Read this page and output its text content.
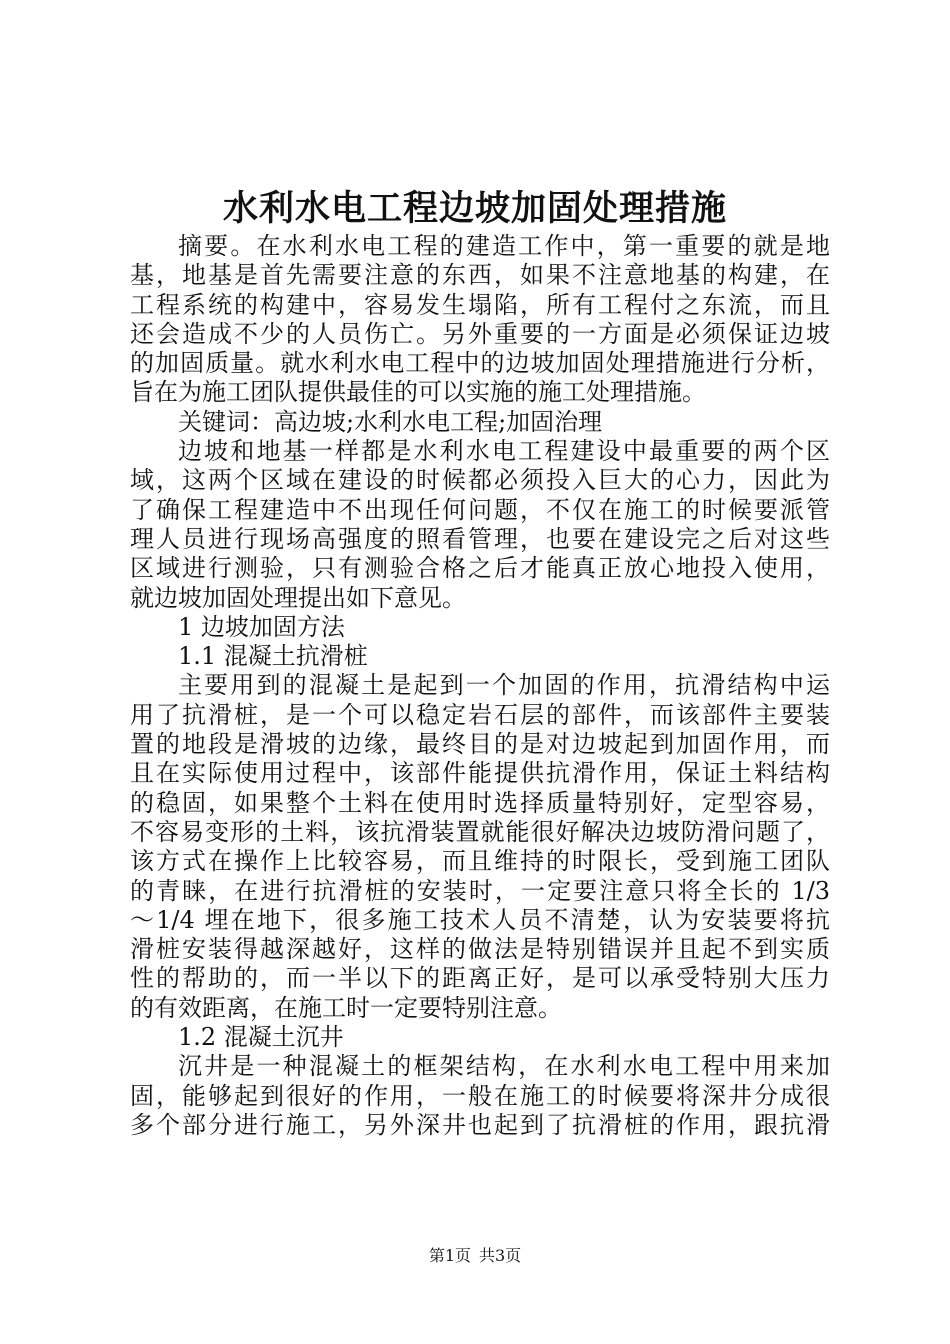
水利水电工程边坡加固处理措施
摘要。在水利水电工程的建造工作中，第一重要的就是地
基，地基是首先需要注意的东西，如果不注意地基的构建，在
工程系统的构建中，容易发生塌陷，所有工程付之东流，而且
还会造成不少的人员伤亡。另外重要的一方面是必须保证边坡
的加固质量。就水利水电工程中的边坡加固处理措施进行分析，
旨在为施工团队提供最佳的可以实施的施工处理措施。
关键词：高边坡;水利水电工程;加固治理
边坡和地基一样都是水利水电工程建设中最重要的两个区
域，这两个区域在建设的时候都必须投入巨大的心力，因此为
了确保工程建造中不出现任何问题，不仅在施工的时候要派管
理人员进行现场高强度的照看管理，也要在建设完之后对这些
区域进行测验，只有测验合格之后才能真正放心地投入使用，
就边坡加固处理提出如下意见。
1 边坡加固方法
1.1 混凝土抗滑桩
主要用到的混凝土是起到一个加固的作用，抗滑结构中运
用了抗滑桩，是一个可以稳定岩石层的部件，而该部件主要装
置的地段是滑坡的边缘，最终目的是对边坡起到加固作用，而
且在实际使用过程中，该部件能提供抗滑作用，保证土料结构
的稳固，如果整个土料在使用时选择质量特别好，定型容易，
不容易变形的土料，该抗滑装置就能很好解决边坡防滑问题了，
该方式在操作上比较容易，而且维持的时限长，受到施工团队
的青睐，在进行抗滑桩的安装时，一定要注意只将全长的 1/3
～1/4 埋在地下，很多施工技术人员不清楚，认为安装要将抗
滑桩安装得越深越好，这样的做法是特别错误并且起不到实质
性的帮助的，而一半以下的距离正好，是可以承受特别大压力
的有效距离，在施工时一定要特别注意。
1.2 混凝土沉井
沉井是一种混凝土的框架结构，在水利水电工程中用来加
固，能够起到很好的作用，一般在施工的时候要将深井分成很
多个部分进行施工，另外深井也起到了抗滑桩的作用，跟抗滑
第1页 共3页
